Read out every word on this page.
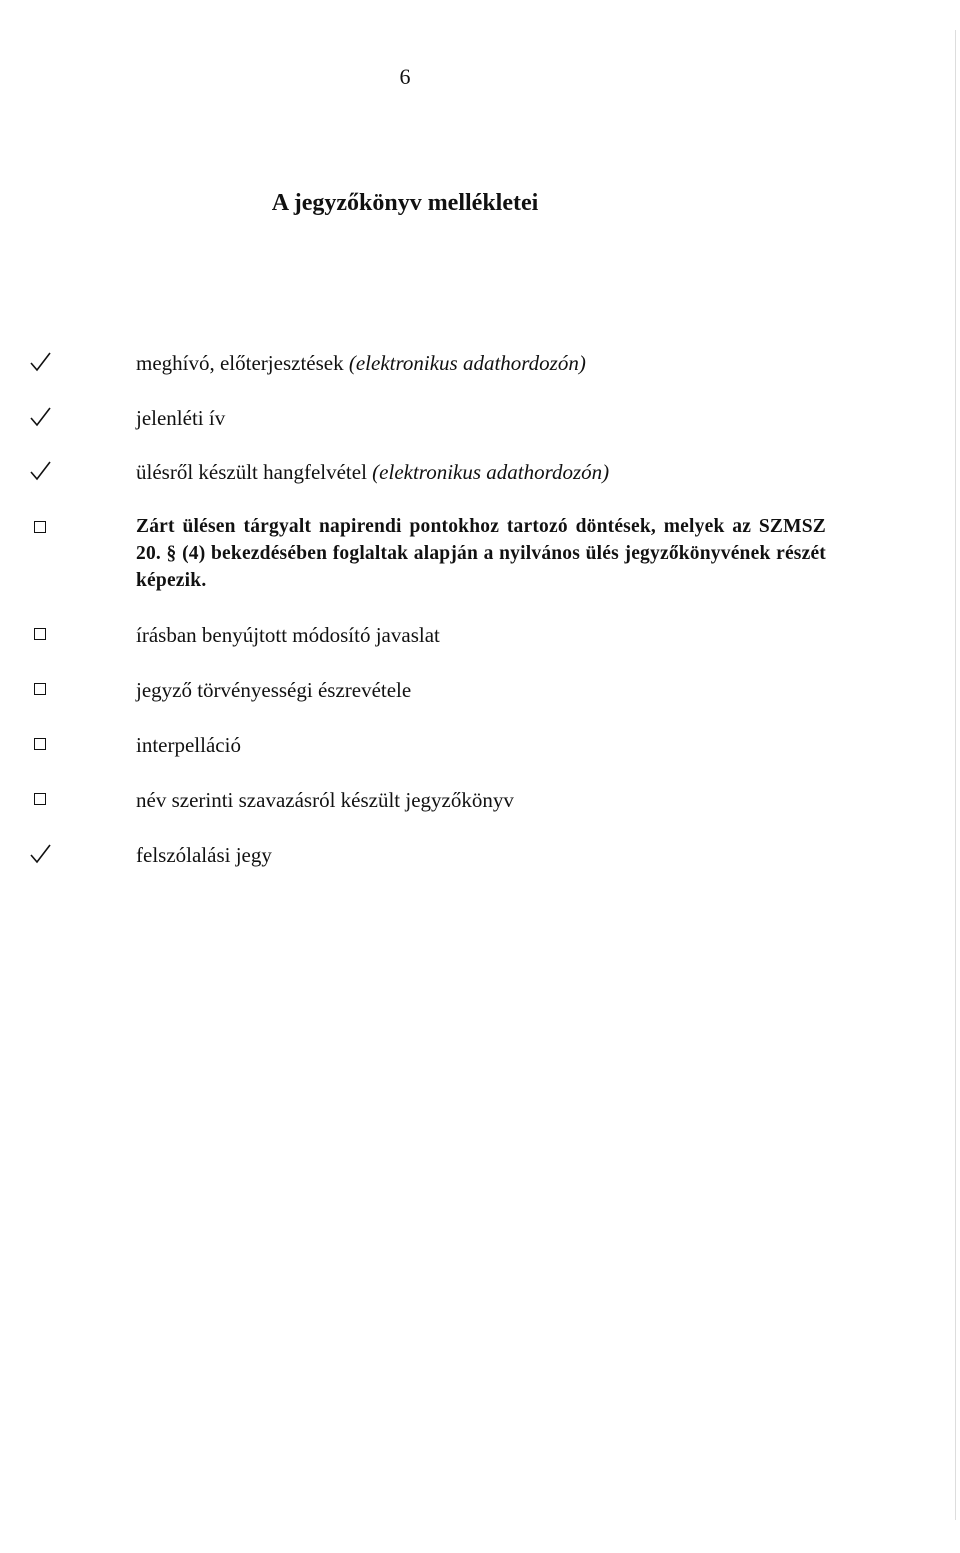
6
A jegyzőkönyv mellékletei
meghívó, előterjesztések (elektronikus adathordozón)
jelenléti ív
ülésről készült hangfelvétel (elektronikus adathordozón)
Zárt ülésen tárgyalt napirendi pontokhoz tartozó döntések, melyek az SZMSZ 20. § (4) bekezdésében foglaltak alapján a nyilvános ülés jegyzőkönyvének részét képezik.
írásban benyújtott módosító javaslat
jegyző törvényességi észrevétele
interpelláció
név szerinti szavazásról készült jegyzőkönyv
felszólalási jegy
